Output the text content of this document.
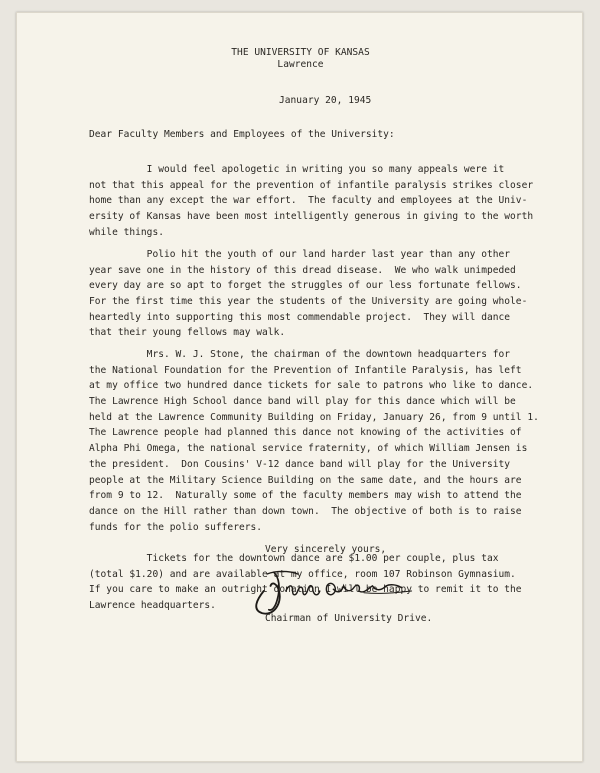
THE UNIVERSITY OF KANSAS
Lawrence
January 20, 1945
Dear Faculty Members and Employees of the University:
I would feel apologetic in writing you so many appeals were it
not that this appeal for the prevention of infantile paralysis strikes closer
home than any except the war effort.  The faculty and employees at the Univ-
ersity of Kansas have been most intelligently generous in giving to the worth
while things.
Polio hit the youth of our land harder last year than any other
year save one in the history of this dread disease.  We who walk unimpeded
every day are so apt to forget the struggles of our less fortunate fellows.
For the first time this year the students of the University are going whole-
heartedly into supporting this most commendable project.  They will dance
that their young fellows may walk.
Mrs. W. J. Stone, the chairman of the downtown headquarters for
the National Foundation for the Prevention of Infantile Paralysis, has left
at my office two hundred dance tickets for sale to patrons who like to dance.
The Lawrence High School dance band will play for this dance which will be
held at the Lawrence Community Building on Friday, January 26, from 9 until 1.
The Lawrence people had planned this dance not knowing of the activities of
Alpha Phi Omega, the national service fraternity, of which William Jensen is
the president.  Don Cousins' V-12 dance band will play for the University
people at the Military Science Building on the same date, and the hours are
from 9 to 12.  Naturally some of the faculty members may wish to attend the
dance on the Hill rather than down town.  The objective of both is to raise
funds for the polio sufferers.
Tickets for the downtown dance are $1.00 per couple, plus tax
(total $1.20) and are available at my office, room 107 Robinson Gymnasium.
If you care to make an outright donation I will be happy to remit it to the
Lawrence headquarters.
Very sincerely yours,
Chairman of University Drive.
